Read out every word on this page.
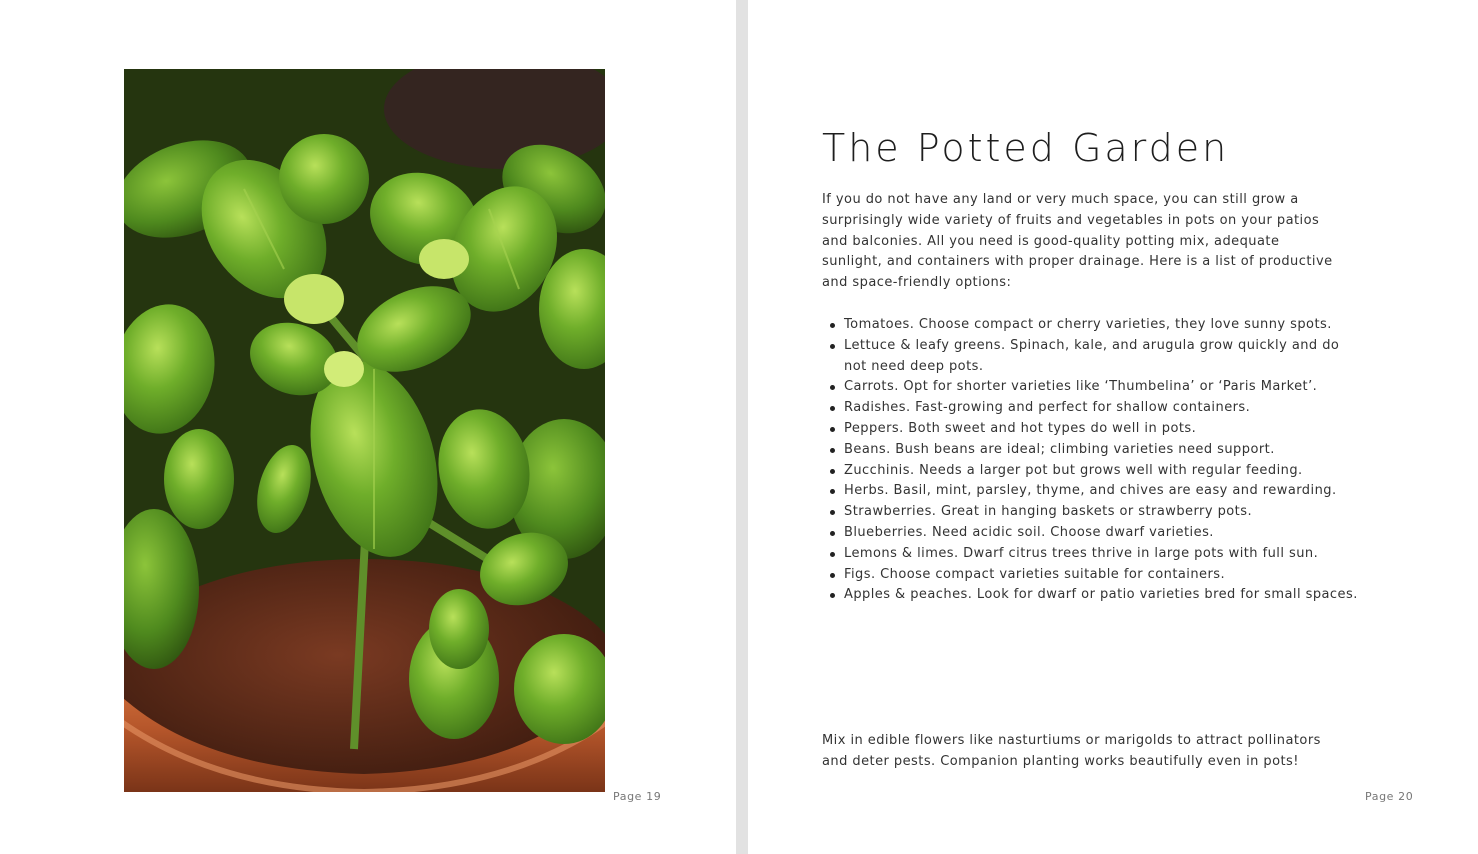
Page 19
The Potted Garden

If you do not have any land or very much space, you can still grow a surprisingly wide variety of fruits and vegetables in pots on your patios and balconies. All you need is good-quality potting mix, adequate sunlight, and containers with proper drainage. Here is a list of productive and space-friendly options:

Tomatoes. Choose compact or cherry varieties, they love sunny spots.
Lettuce & leafy greens. Spinach, kale, and arugula grow quickly and do not need deep pots.
Carrots. Opt for shorter varieties like ‘Thumbelina’ or ‘Paris Market’.
Radishes. Fast-growing and perfect for shallow containers.
Peppers. Both sweet and hot types do well in pots.
Beans. Bush beans are ideal; climbing varieties need support.
Zucchinis. Needs a larger pot but grows well with regular feeding.
Herbs. Basil, mint, parsley, thyme, and chives are easy and rewarding.
Strawberries. Great in hanging baskets or strawberry pots.
Blueberries. Need acidic soil. Choose dwarf varieties.
Lemons & limes. Dwarf citrus trees thrive in large pots with full sun.
Figs. Choose compact varieties suitable for containers.
Apples & peaches. Look for dwarf or patio varieties bred for small spaces.

Mix in edible flowers like nasturtiums or marigolds to attract pollinators and deter pests. Companion planting works beautifully even in pots!

Page 20
